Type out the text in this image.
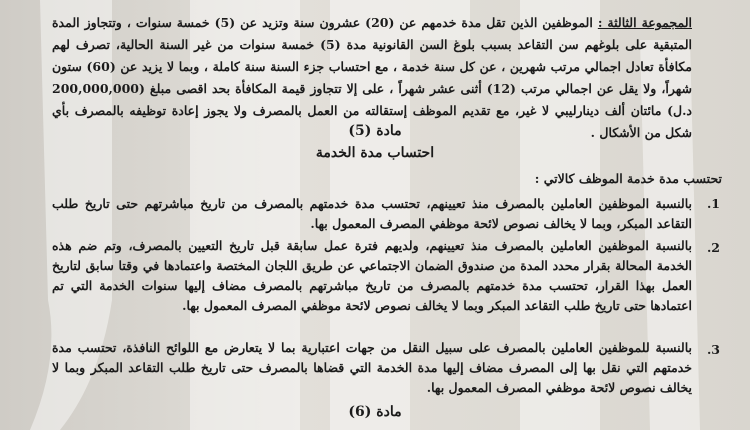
المجموعة الثالثة : الموظفين الذين تقل مدة خدمهم عن (20) عشرون سنة وتزيد عن (5) خمسة سنوات ، وتتجاوز المدة المتبقية على بلوغهم سن التقاعد بسبب بلوغ السن القانونية مدة (5) خمسة سنوات من غير السنة الحالية، تصرف لهم مكافأة تعادل اجمالي مرتب شهرين ، عن كل سنة خدمة ، مع احتساب جزء السنة سنة كاملة ، وبما لا يزيد عن (60) ستون شهراً، ولا يقل عن اجمالي مرتب (12) أثنى عشر شهراً ، على إلا تتجاوز قيمة المكافأة بحد اقصى مبلغ (200,000,000 د.ل) مائتان ألف دينارليبي لا غير، مع تقديم الموظف إستقالته من العمل بالمصرف ولا يجوز إعادة توظيفه بالمصرف بأي شكل من الأشكال .
مادة (5)
احتساب مدة الخدمة
تحتسب مدة خدمة الموظف كالاتي :
.1
بالنسبة الموظفين العاملين بالمصرف منذ تعيينهم، تحتسب مدة خدمتهم بالمصرف من تاريخ مباشرتهم حتى تاريخ طلب التقاعد المبكر، وبما لا يخالف نصوص لائحة موظفي المصرف المعمول بها.
.2
بالنسبة الموظفين العاملين بالمصرف منذ تعيينهم، ولديهم فترة عمل سابقة قبل تاريخ التعيين بالمصرف، وتم ضم هذه الخدمة المحالة بقرار محدد المدة من صندوق الضمان الاجتماعي عن طريق اللجان المختصة واعتمادها في وقتا سابق لتاريخ العمل بهذا القرار، تحتسب مدة خدمتهم بالمصرف من تاريخ مباشرتهم بالمصرف مضاف إليها سنوات الخدمة التي تم اعتمادها حتى تاريخ طلب التقاعد المبكر وبما لا يخالف نصوص لائحة موظفي المصرف المعمول بها.
.3
بالنسبة للموظفين العاملين بالمصرف على سبيل النقل من جهات اعتبارية بما لا يتعارض مع اللوائح النافذة، تحتسب مدة خدمتهم التي نقل بها إلى المصرف مضاف إليها مدة الخدمة التي قضاها بالمصرف حتى تاريخ طلب التقاعد المبكر وبما لا يخالف نصوص لائحة موظفي المصرف المعمول بها.
مادة (6)
